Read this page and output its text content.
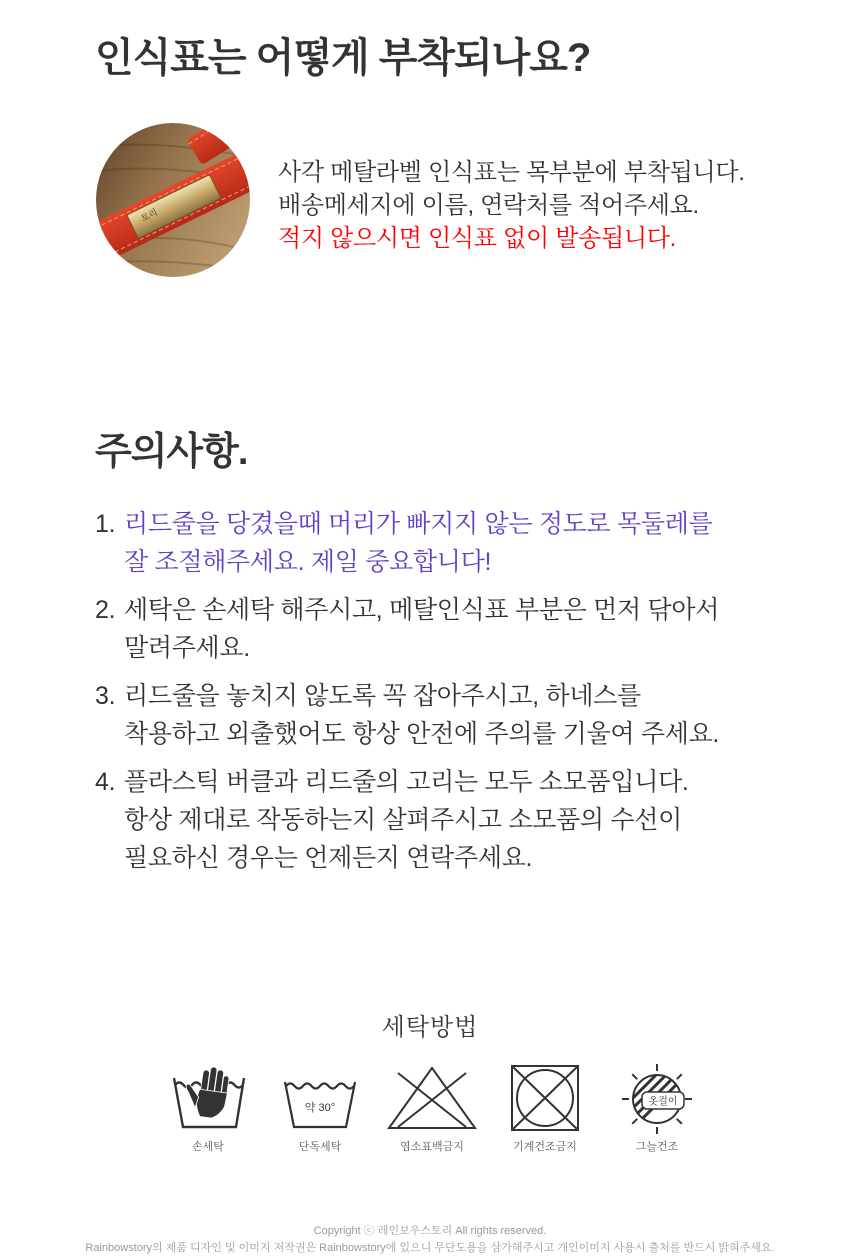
인식표는 어떻게 부착되나요?
토리
사각 메탈라벨 인식표는 목부분에 부착됩니다.
배송메세지에 이름, 연락처를 적어주세요.
적지 않으시면 인식표 없이 발송됩니다.
주의사항.
1. 리드줄을 당겼을때 머리가 빠지지 않는 정도로 목둘레를
잘 조절해주세요. 제일 중요합니다!
2. 세탁은 손세탁 해주시고, 메탈인식표 부분은 먼저 닦아서
말려주세요.
3. 리드줄을 놓치지 않도록 꼭 잡아주시고, 하네스를
착용하고 외출했어도 항상 안전에 주의를 기울여 주세요.
4. 플라스틱 버클과 리드줄의 고리는 모두 소모품입니다.
항상 제대로 작동하는지 살펴주시고 소모품의 수선이
필요하신 경우는 언제든지 연락주세요.
세탁방법
약 30°	옷걸이
손세탁	단독세탁	염소표백금지	기계건조금지	그늘건조
Copyright ⓒ 레인보우스토리 All rights reserved.
Rainbowstory의 제품 디자인 및 이미지 저작권은 Rainbowstory에 있으니 무단도용을 삼가해주시고 개인이미지 사용시 출처를 반드시 밝혀주세요.
